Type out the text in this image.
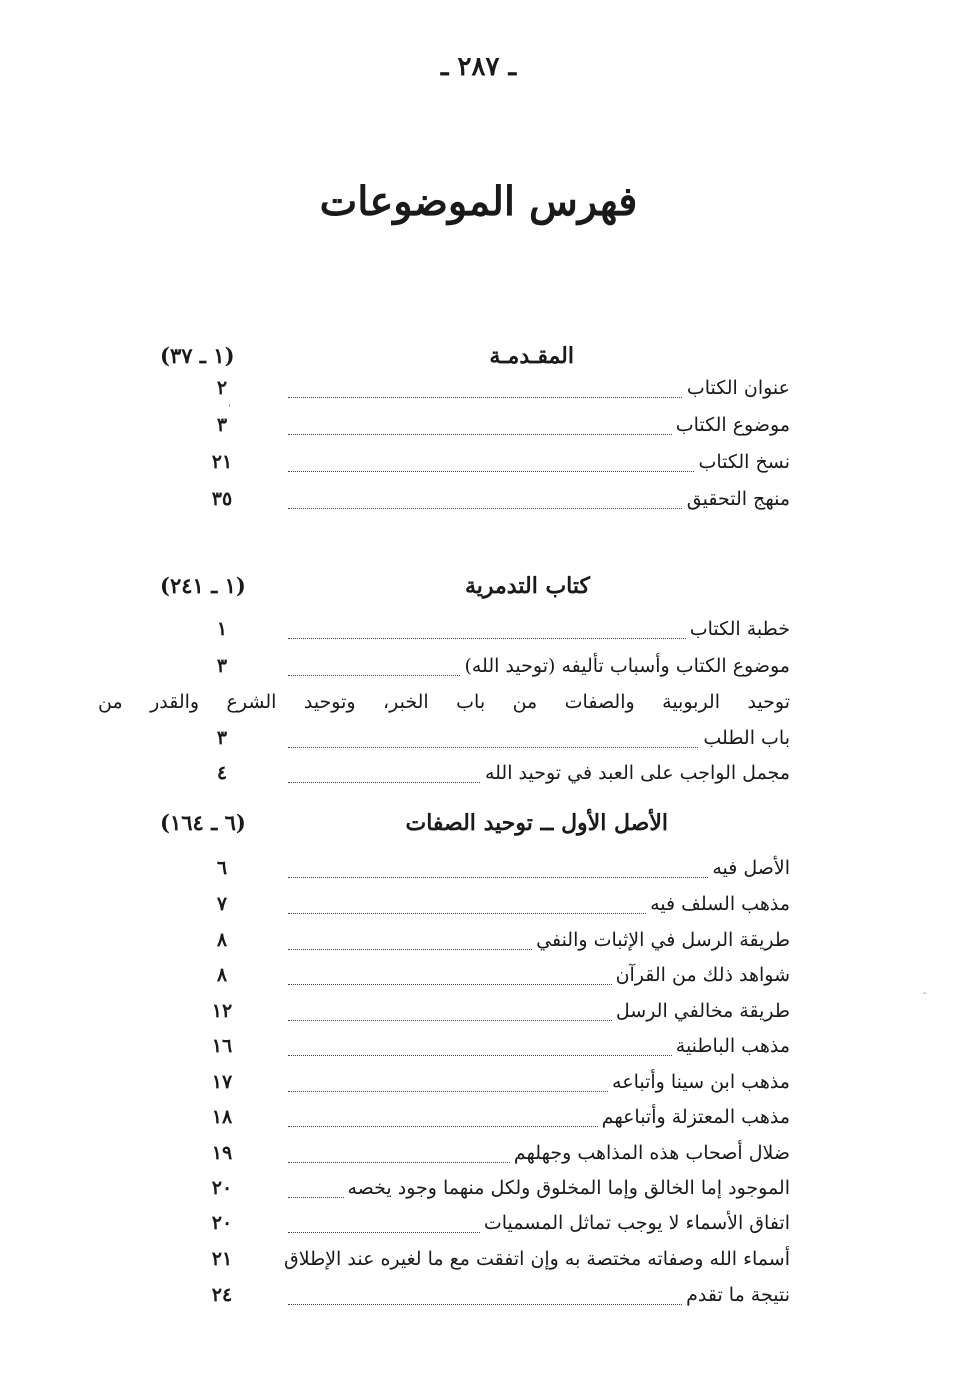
ـ ٢٨٧ ـ
فهرس الموضوعات
المقـدمـة
(١ ـ ٣٧)
عنوان الكتاب
٢
موضوع الكتاب
٣
نسخ الكتاب
٢١
منهج التحقيق
٣٥
كتاب التدمرية
(١ ـ ٢٤١)
خطبة الكتاب
١
موضوع الكتاب وأسباب تأليفه (توحيد الله)
٣
توحيد الربوبية والصفات من باب الخبر، وتوحيد الشرع والقدر من
باب الطلب
٣
مجمل الواجب على العبد في توحيد الله
٤
الأصل الأول ــ توحيد الصفات
(٦ ـ ١٦٤)
الأصل فيه
٦
مذهب السلف فيه
٧
طريقة الرسل في الإثبات والنفي
٨
شواهد ذلك من القرآن
٨
طريقة مخالفي الرسل
١٢
مذهب الباطنية
١٦
مذهب ابن سينا وأتباعه
١٧
مذهب المعتزلة وأتباعهم
١٨
ضلال أصحاب هذه المذاهب وجهلهم
١٩
الموجود إما الخالق وإما المخلوق ولكل منهما وجود يخصه
٢٠
اتفاق الأسماء لا يوجب تماثل المسميات
٢٠
أسماء الله وصفاته مختصة به وإن اتفقت مع ما لغيره عند الإطلاق
٢١
نتيجة ما تقدم
٢٤
ˌ
-
